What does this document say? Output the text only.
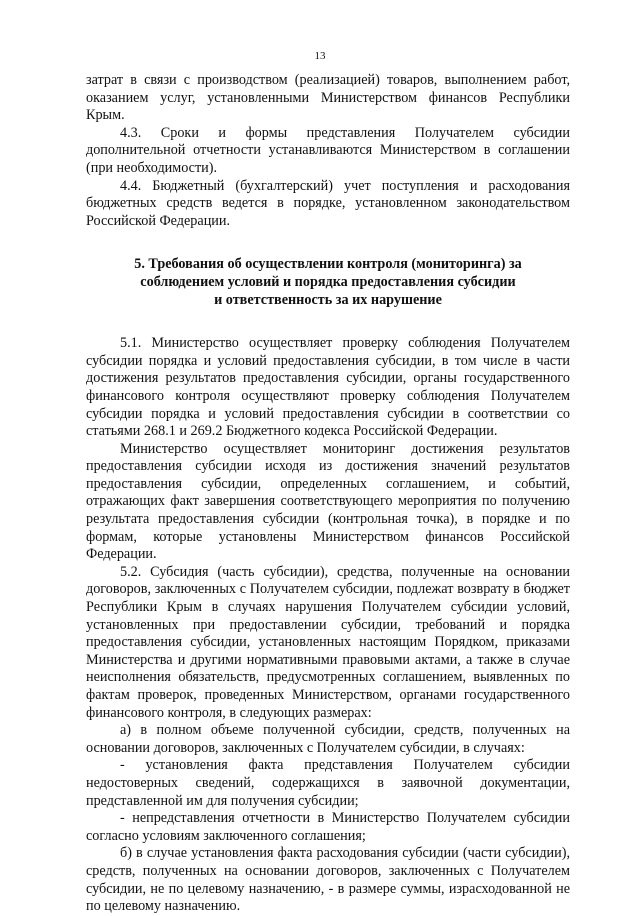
13

затрат в связи с производством (реализацией) товаров, выполнением работ, оказанием услуг, установленными Министерством финансов Республики Крым.

4.3. Сроки и формы представления Получателем субсидии дополнительной отчетности устанавливаются Министерством в соглашении (при необходимости).

4.4. Бюджетный (бухгалтерский) учет поступления и расходования бюджетных средств ведется в порядке, установленном законодательством Российской Федерации.

5. Требования об осуществлении контроля (мониторинга) за
соблюдением условий и порядка предоставления субсидии
и ответственность за их нарушение

5.1. Министерство осуществляет проверку соблюдения Получателем субсидии порядка и условий предоставления субсидии, в том числе в части достижения результатов предоставления субсидии, органы государственного финансового контроля осуществляют проверку соблюдения Получателем субсидии порядка и условий предоставления субсидии в соответствии со статьями 268.1 и 269.2 Бюджетного кодекса Российской Федерации.

Министерство осуществляет мониторинг достижения результатов предоставления субсидии исходя из достижения значений результатов предоставления субсидии, определенных соглашением, и событий, отражающих факт завершения соответствующего мероприятия по получению результата предоставления субсидии (контрольная точка), в порядке и по формам, которые установлены Министерством финансов Российской Федерации.

5.2. Субсидия (часть субсидии), средства, полученные на основании договоров, заключенных с Получателем субсидии, подлежат возврату в бюджет Республики Крым в случаях нарушения Получателем субсидии условий, установленных при предоставлении субсидии, требований и порядка предоставления субсидии, установленных настоящим Порядком, приказами Министерства и другими нормативными правовыми актами, а также в случае неисполнения обязательств, предусмотренных соглашением, выявленных по фактам проверок, проведенных Министерством, органами государственного финансового контроля, в следующих размерах:

а) в полном объеме полученной субсидии, средств, полученных на основании договоров, заключенных с Получателем субсидии, в случаях:

- установления факта представления Получателем субсидии недостоверных сведений, содержащихся в заявочной документации, представленной им для получения субсидии;

- непредставления отчетности в Министерство Получателем субсидии согласно условиям заключенного соглашения;

б) в случае установления факта расходования субсидии (части субсидии), средств, полученных на основании договоров, заключенных с Получателем субсидии, не по целевому назначению, - в размере суммы, израсходованной не по целевому назначению.
